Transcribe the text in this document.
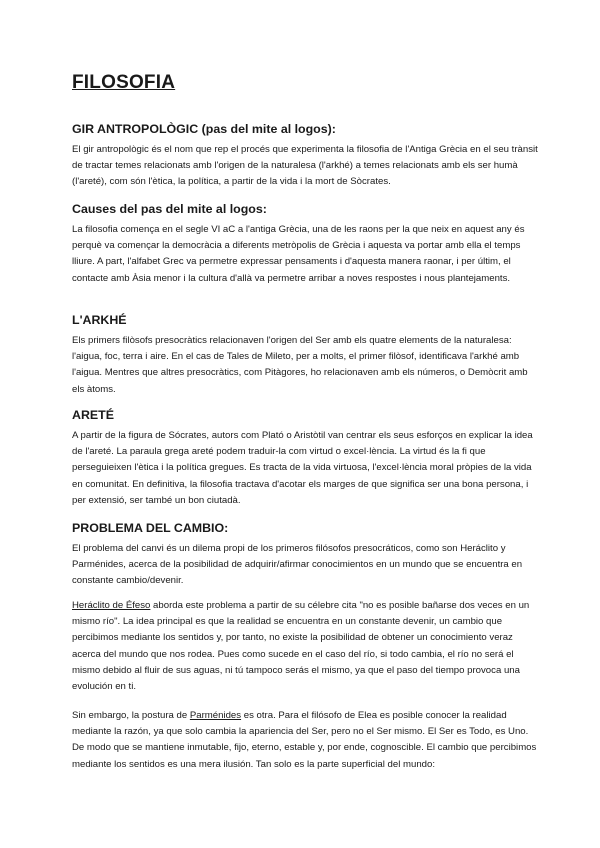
FILOSOFIA
GIR ANTROPOLÒGIC (pas del mite al logos):

El gir antropològic és el nom que rep el procés que experimenta la filosofia de l'Antiga Grècia en el seu trànsit de tractar temes relacionats amb l'origen de la naturalesa (l'arkhé) a temes relacionats amb els ser humà (l'areté), com són l'ètica, la política, a partir de la vida i la mort de Sòcrates.

Causes del pas del mite al logos:

La filosofia comença en el segle VI aC a l'antiga Grècia, una de les raons per la que neix en aquest any és perquè va començar la democràcia a diferents metròpolis de Grècia i aquesta va portar amb ella el temps lliure. A part, l'alfabet Grec va permetre expressar pensaments i d'aquesta manera raonar, i per últim, el contacte amb Àsia menor i la cultura d'allà va permetre arribar a noves respostes i nous plantejaments.

L'ARKHÉ

Els primers filòsofs presocràtics relacionaven l'origen del Ser amb els quatre elements de la naturalesa: l'aigua, foc, terra i aire. En el cas de Tales de Mileto, per a molts, el primer filòsof, identificava l'arkhé amb l'aigua. Mentres que altres presocràtics, com Pitàgores, ho relacionaven amb els números, o Demòcrit amb els àtoms.

ARETÉ

A partir de la figura de Sócrates, autors com Plató o Aristòtil van centrar els seus esforços en explicar la idea de l'areté. La paraula grega areté podem traduir-la com virtud o excel·lència. La virtud és la fi que perseguieixen l'ètica i la política gregues. Es tracta de la vida virtuosa, l'excel·lència moral pròpies de la vida en comunitat. En definitiva, la filosofia tractava d'acotar els marges de que significa ser una bona persona, i per extensió, ser també un bon ciutadà.

PROBLEMA DEL CAMBIO:

El problema del canvi és un dilema propi de los primeros filósofos presocráticos, como son Heráclito y Parménides, acerca de la posibilidad de adquirir/afirmar conocimientos en un mundo que se encuentra en constante cambio/devenir.

Heráclito de Éfeso aborda este problema a partir de su célebre cita "no es posible bañarse dos veces en un mismo río". La idea principal es que la realidad se encuentra en un constante devenir, un cambio que percibimos mediante los sentidos y, por tanto, no existe la posibilidad de obtener un conocimiento veraz acerca del mundo que nos rodea. Pues como sucede en el caso del río, si todo cambia, el río no será el mismo debido al fluir de sus aguas, ni tú tampoco serás el mismo, ya que el paso del tiempo provoca una evolución en ti.

Sin embargo, la postura de Parménides es otra. Para el filósofo de Elea es posible conocer la realidad mediante la razón, ya que solo cambia la apariencia del Ser, pero no el Ser mismo. El Ser es Todo, es Uno. De modo que se mantiene inmutable, fijo, eterno, estable y, por ende, cognoscible. El cambio que percibimos mediante los sentidos es una mera ilusión. Tan solo es la parte superficial del mundo:
